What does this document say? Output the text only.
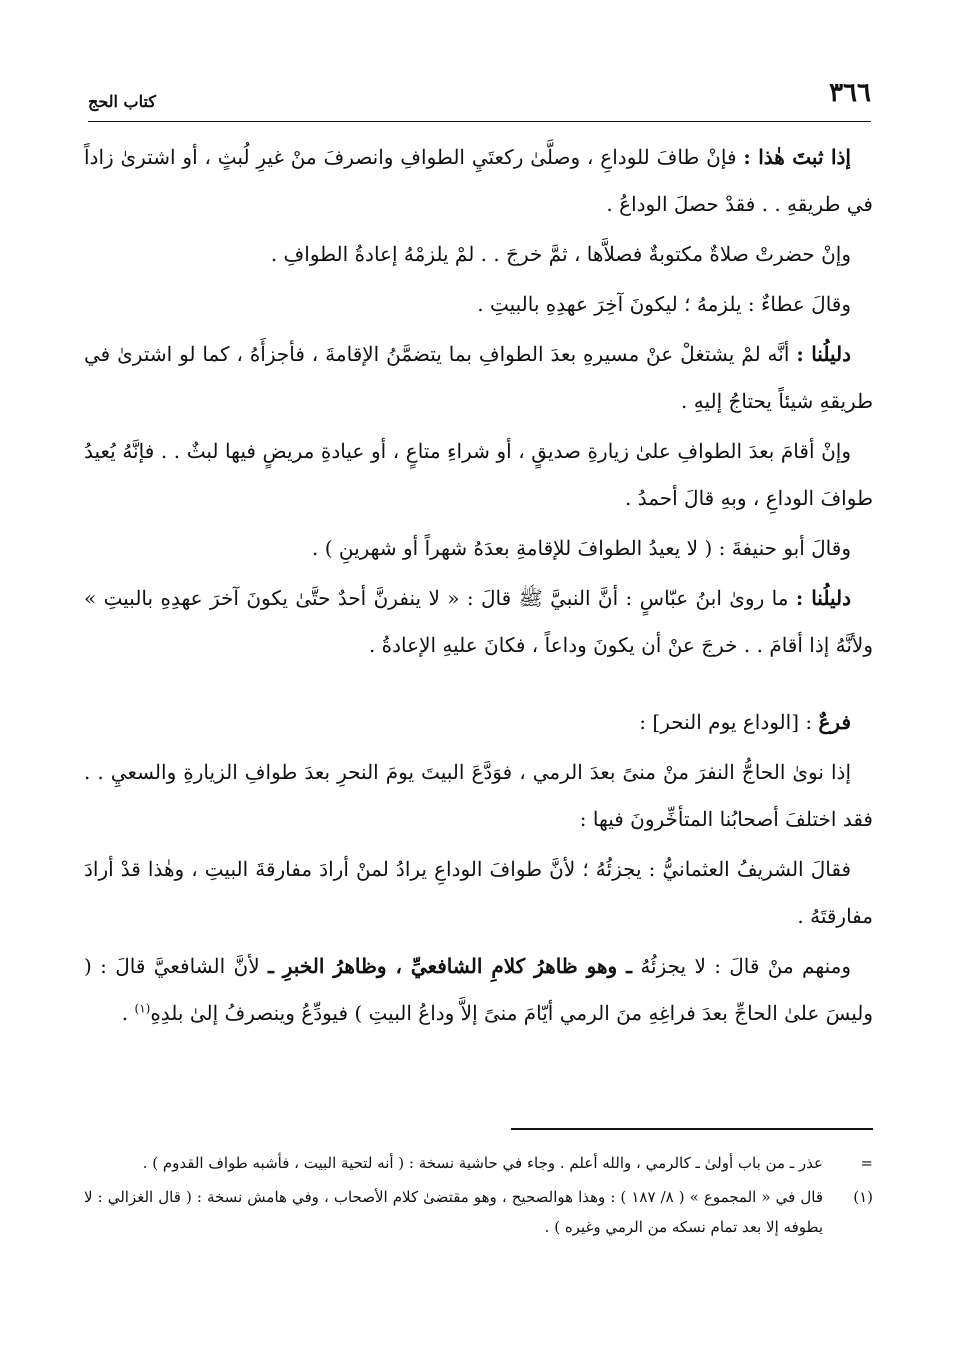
٣٦٦
كتاب الحج

إذا ثبتَ هٰذا : فإنْ طافَ للوداعِ ، وصلَّىٰ ركعتَيِ الطوافِ وانصرفَ منْ غيرِ لُبثٍ ، أو اشترىٰ زاداً في طريقهِ . . فقدْ حصلَ الوداعُ .

وإنْ حضرتْ صلاةٌ مكتوبةٌ فصلاَّها ، ثمَّ خرجَ . . لمْ يلزمْهُ إعادةُ الطوافِ .

وقالَ عطاءٌ : يلزمهُ ؛ ليكونَ آخِرَ عهدِهِ بالبيتِ .

دليلُنا : أنَّه لمْ يشتغلْ عنْ مسيرهِ بعدَ الطوافِ بما يتضمَّنُ الإقامةَ ، فأجزأَهُ ، كما لو اشترىٰ في طريقهِ شيئاً يحتاجُ إليهِ .

وإنْ أقامَ بعدَ الطوافِ علىٰ زيارةِ صديقٍ ، أو شراءِ متاعٍ ، أو عيادةِ مريضٍ فيها لبثٌ . . فإنَّهُ يُعيدُ طوافَ الوداعِ ، وبهِ قالَ أحمدُ .

وقالَ أبو حنيفةَ : ( لا يعيدُ الطوافَ للإقامةِ بعدَهُ شهراً أو شهرينِ ) .

دليلُنا : ما روىٰ ابنُ عبّاسٍ : أنَّ النبيَّ ﷺ قالَ : « لا ينفرنَّ أحدٌ حتَّىٰ يكونَ آخرَ عهدِهِ بالبيتِ » ولأنَّهُ إذا أقامَ . . خرجَ عنْ أن يكونَ وداعاً ، فكانَ عليهِ الإعادةُ .

فرعٌ : [الوداع يوم النحر] :

إذا نوىٰ الحاجُّ النفرَ منْ منىً بعدَ الرمي ، فوَدَّعَ البيتَ يومَ النحرِ بعدَ طوافِ الزيارةِ والسعيِ . . فقد اختلفَ أصحابُنا المتأخِّرونَ فيها :

فقالَ الشريفُ العثمانيُّ : يجزئُهُ ؛ لأنَّ طوافَ الوداعِ يرادُ لمنْ أرادَ مفارقةَ البيتِ ، وهٰذا قدْ أرادَ مفارقتَهُ .

ومنهم منْ قالَ : لا يجزئُهُ ـ وهو ظاهرُ كلامِ الشافعيِّ ، وظاهرُ الخبرِ ـ لأنَّ الشافعيَّ قالَ : ( وليسَ علىٰ الحاجِّ بعدَ فراغِهِ منَ الرمي أيّامَ منىً إلاَّ وداعُ البيتِ ) فيودِّعُ وينصرفُ إلىٰ بلدِهِ$^{(١)}$ .

=
عذر ـ من باب أولىٰ ـ كالرمي ، والله أعلم . وجاء في حاشية نسخة : ( أنه لتحية البيت ، فأشبه طواف القدوم ) .
(١)
قال في « المجموع » ( ٨/ ١٨٧ ) : وهذا هوالصحيح ، وهو مقتضىٰ كلام الأصحاب ، وفي هامش نسخة : ( قال الغزالي : لا يطوفه إلا بعد تمام نسكه من الرمي وغيره ) .
